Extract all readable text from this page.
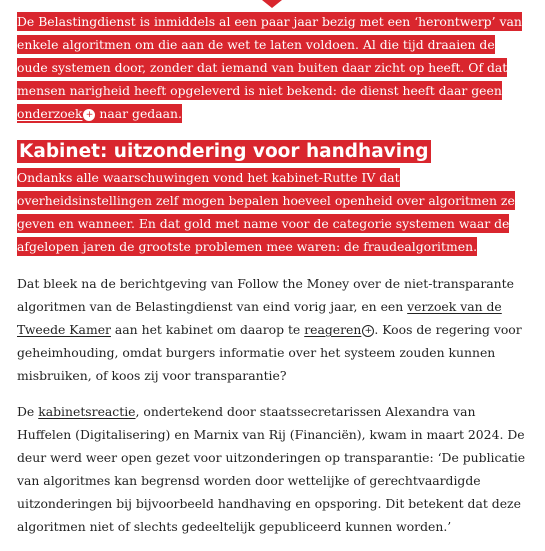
De Belastingdienst is inmiddels al een paar jaar bezig met een ‘herontwerp’ van enkele algoritmen om die aan de wet te laten voldoen. Al die tijd draaien de oude systemen door, zonder dat iemand van buiten daar zicht op heeft. Of dat mensen narigheid heeft opgeleverd is niet bekend: de dienst heeft daar geen onderzoek + naar gedaan.

Kabinet: uitzondering voor handhaving

Ondanks alle waarschuwingen vond het kabinet-Rutte IV dat overheidsinstellingen zelf mogen bepalen hoeveel openheid over algoritmen ze geven en wanneer. En dat gold met name voor de categorie systemen waar de afgelopen jaren de grootste problemen mee waren: de fraudealgoritmen.

Dat bleek na de berichtgeving van Follow the Money over de niet-transparante algoritmen van de Belastingdienst van eind vorig jaar, en een verzoek van de Tweede Kamer aan het kabinet om daarop te reageren + . Koos de regering voor geheimhouding, omdat burgers informatie over het systeem zouden kunnen misbruiken, of koos zij voor transparantie?

De kabinetsreactie, ondertekend door staatssecretarissen Alexandra van Huffelen (Digitalisering) en Marnix van Rij (Financiën), kwam in maart 2024. De deur werd weer open gezet voor uitzonderingen op transparantie: ‘De publicatie van algoritmes kan begrensd worden door wettelijke of gerechtvaardigde uitzonderingen bij bijvoorbeeld handhaving en opsporing. Dit betekent dat deze algoritmen niet of slechts gedeeltelijk gepubliceerd kunnen worden.’
